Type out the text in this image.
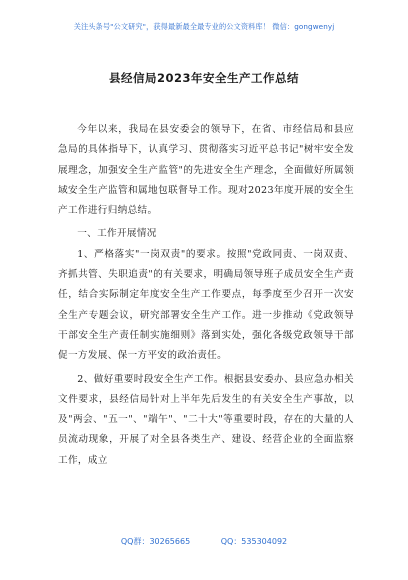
关注头条号"公文研究"，获得最新最全最专业的公文资料库！ 微信：gongwenyj
县经信局2023年安全生产工作总结

今年以来，我局在县安委会的领导下，在省、市经信局和县应急局的具体指导下，认真学习、贯彻落实习近平总书记"树牢安全发展理念，加强安全生产监管"的先进安全生产理念，全面做好所属领域安全生产监管和属地包联督导工作。现对2023年度开展的安全生产工作进行归纳总结。

一、工作开展情况

1、严格落实"一岗双责"的要求。按照"党政同责、一岗双责、齐抓共管、失职追责"的有关要求，明确局领导班子成员安全生产责任，结合实际制定年度安全生产工作要点，每季度至少召开一次安全生产专题会议，研究部署安全生产工作。进一步推动《党政领导干部安全生产责任制实施细则》落到实处，强化各级党政领导干部促一方发展、保一方平安的政治责任。

2、做好重要时段安全生产工作。根据县安委办、县应急办相关文件要求，县经信局针对上半年先后发生的有关安全生产事故，以及"两会、"五一"、"端午"、"二十大"等重要时段，存在的大量的人员流动现象，开展了对全县各类生产、建设、经营企业的全面监察工作，成立

QQ群：30265665	QQ：535304092
